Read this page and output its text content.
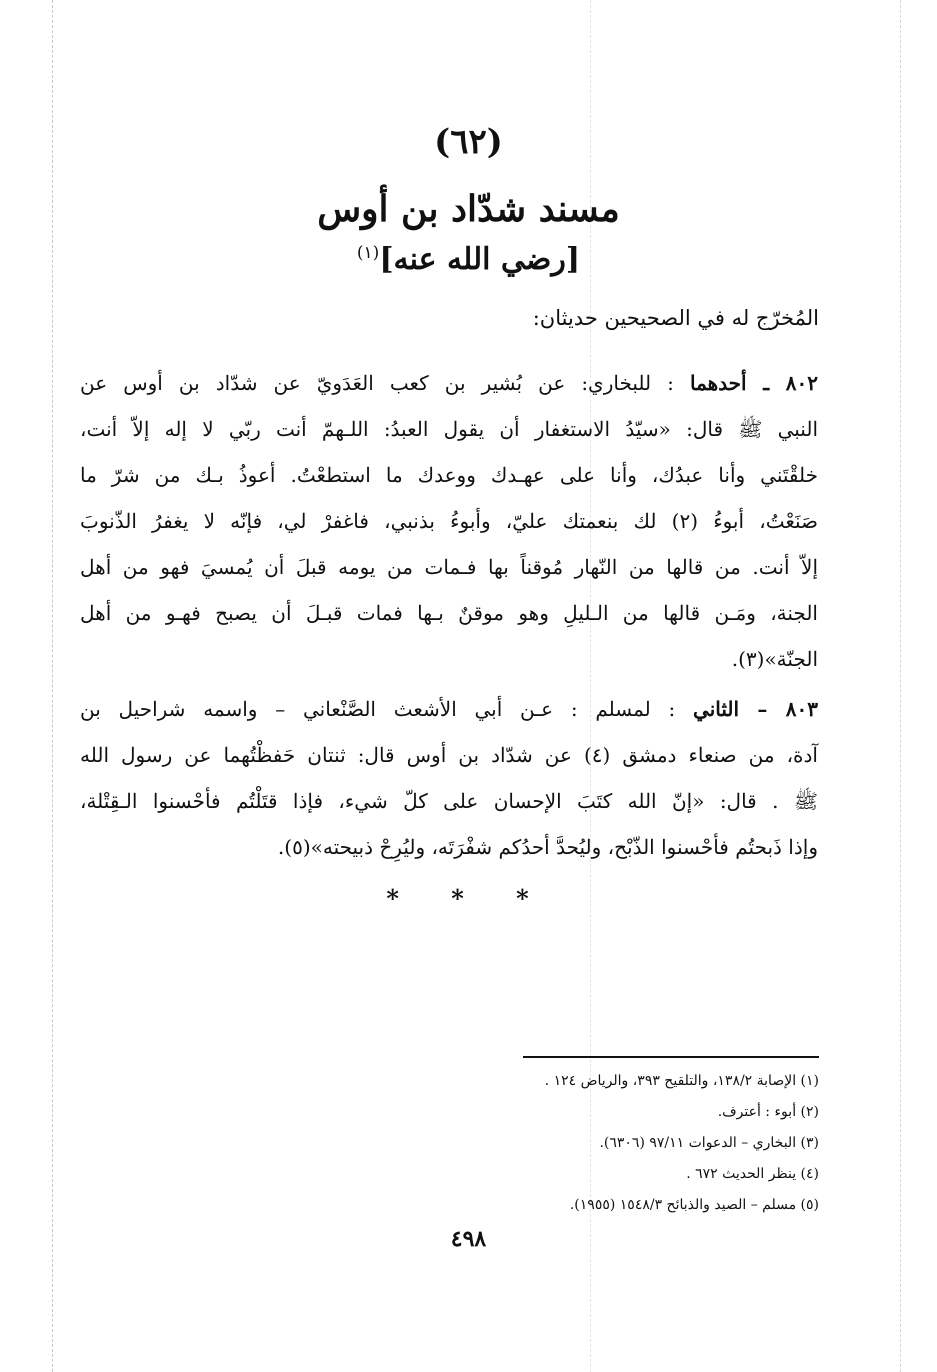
(٦٢)
مسند شدّاد بن أوس
[رضي الله عنه]$^{(١)}$
المُخرّج له في الصحيحين حديثان:
٨٠٢ ـ أحدهما : للبخاري: عن بُشير بن كعب العَدَويّ عن شدّاد بن أوس عن
النبي ﷺ قال: «سيّدُ الاستغفار أن يقول العبدُ: اللـهمّ أنت ربّي لا إله إلاّ أنت،
خلقْتَني وأنا عبدُك، وأنا على عهـدك ووعدك ما استطعْتُ. أعوذُ بـك من شرّ ما
صَنَعْتُ، أبوءُ (٢) لك بنعمتك عليّ، وأبوءُ بذنبي، فاغفرْ لي، فإنّه لا يغفرُ الذّنوبَ
إلاّ أنت. من قالها من النّهار مُوقناً بها فـمات من يومه قبلَ أن يُمسيَ فهو من أهل
الجنة، ومَـن قالها من الـليلِ وهو موقنٌ بـها فمات قبـلَ أن يصبح فهـو من أهل
الجنّة»(٣).
٨٠٣ – الثاني : لمسلم : عـن أبي الأشعث الصَّنْعاني – واسمه شراحيل بن
آدة، من صنعاء دمشق (٤) عن شدّاد بن أوس قال: ثنتان حَفظْتُهما عن رسول الله
ﷺ . قال: «إنّ الله كتَبَ الإحسان على كلّ شيء، فإذا قتَلْتُم فأحْسنوا الـقِتْلة،
وإذا ذَبحتُم فأحْسنوا الذّبْح، وليُحدَّ أحدُكم شفْرَتَه، وليُرِحْ ذبيحته»(٥).
* * *
(١) الإصابة ١٣٨/٢، والتلقيح ٣٩٣، والرياض ١٢٤ .
(٢) أبوء : أعترف.
(٣) البخاري – الدعوات ٩٧/١١ (٦٣٠٦).
(٤) ينظر الحديث ٦٧٢ .
(٥) مسلم – الصيد والذبائح ١٥٤٨/٣ (١٩٥٥).
٤٩٨
